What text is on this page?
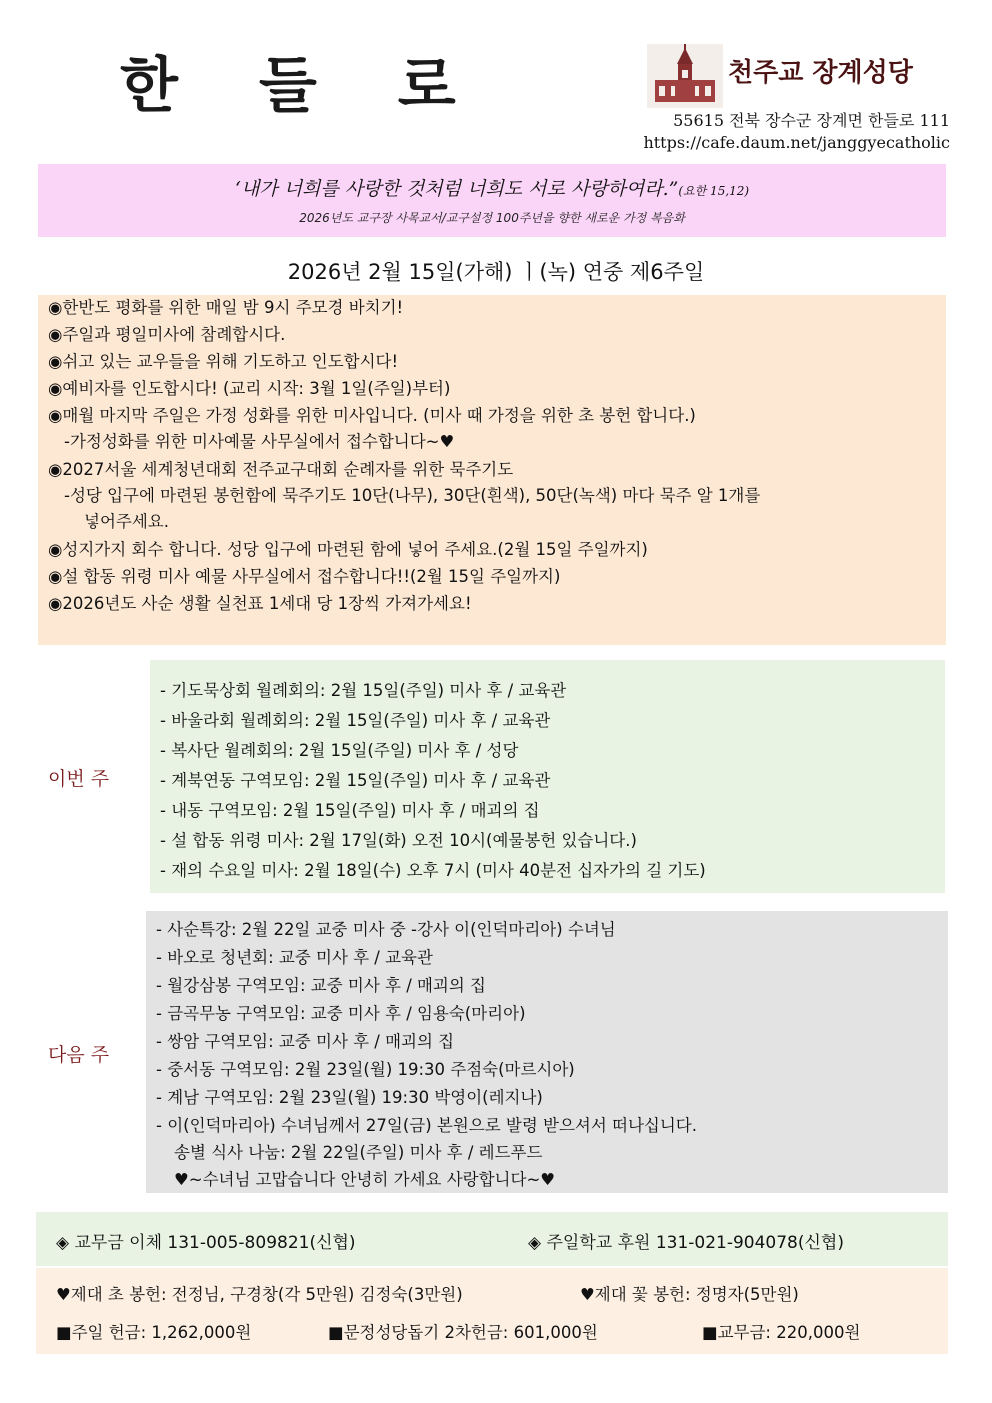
한 들 로	천주교 장계성당
55615 전북 장수군 장계면 한들로 111
https://cafe.daum.net/janggyecatholic
‘내가 너희를 사랑한 것처럼 너희도 서로 사랑하여라.”(요한 15,12)
2026년도 교구장 사목교서/교구설정 100주년을 향한 새로운 가정 복음화
2026년 2월 15일(가해) ㅣ(녹) 연중 제6주일
◉한반도 평화를 위한 매일 밤 9시 주모경 바치기!
◉주일과 평일미사에 참례합시다.
◉쉬고 있는 교우들을 위해 기도하고 인도합시다!
◉예비자를 인도합시다! (교리 시작: 3월 1일(주일)부터)
◉매월 마지막 주일은 가정 성화를 위한 미사입니다. (미사 때 가정을 위한 초 봉헌 합니다.)
-가정성화를 위한 미사예물 사무실에서 접수합니다~♥
◉2027서울 세계청년대회 전주교구대회 순례자를 위한 묵주기도
-성당 입구에 마련된 봉헌함에 묵주기도 10단(나무), 30단(흰색), 50단(녹색) 마다 묵주 알 1개를
넣어주세요.
◉성지가지 회수 합니다. 성당 입구에 마련된 함에 넣어 주세요.(2월 15일 주일까지)
◉설 합동 위령 미사 예물 사무실에서 접수합니다!!(2월 15일 주일까지)
◉2026년도 사순 생활 실천표 1세대 당 1장씩 가져가세요!
이번 주
- 기도묵상회 월례회의: 2월 15일(주일) 미사 후 / 교육관
- 바울라회 월례회의: 2월 15일(주일) 미사 후 / 교육관
- 복사단 월례회의: 2월 15일(주일) 미사 후 / 성당
- 계북연동 구역모임: 2월 15일(주일) 미사 후 / 교육관
- 내동 구역모임: 2월 15일(주일) 미사 후 / 매괴의 집
- 설 합동 위령 미사: 2월 17일(화) 오전 10시(예물봉헌 있습니다.)
- 재의 수요일 미사: 2월 18일(수) 오후 7시 (미사 40분전 십자가의 길 기도)
다음 주
- 사순특강: 2월 22일 교중 미사 중 -강사 이(인덕마리아) 수녀님
- 바오로 청년회: 교중 미사 후 / 교육관
- 월강삼봉 구역모임: 교중 미사 후 / 매괴의 집
- 금곡무농 구역모임: 교중 미사 후 / 임용숙(마리아)
- 쌍암 구역모임: 교중 미사 후 / 매괴의 집
- 중서동 구역모임: 2월 23일(월) 19:30 주점숙(마르시아)
- 계남 구역모임: 2월 23일(월) 19:30 박영이(레지나)
- 이(인덕마리아) 수녀님께서 27일(금) 본원으로 발령 받으셔서 떠나십니다.
송별 식사 나눔: 2월 22일(주일) 미사 후 / 레드푸드
♥~수녀님 고맙습니다 안녕히 가세요 사랑합니다~♥
◈ 교무금 이체 131-005-809821(신협)	◈ 주일학교 후원 131-021-904078(신협)
♥제대 초 봉헌: 전정님, 구경창(각 5만원) 김정숙(3만원)	♥제대 꽃 봉헌: 정명자(5만원)
■주일 헌금: 1,262,000원	■문정성당돕기 2차헌금: 601,000원	■교무금: 220,000원
